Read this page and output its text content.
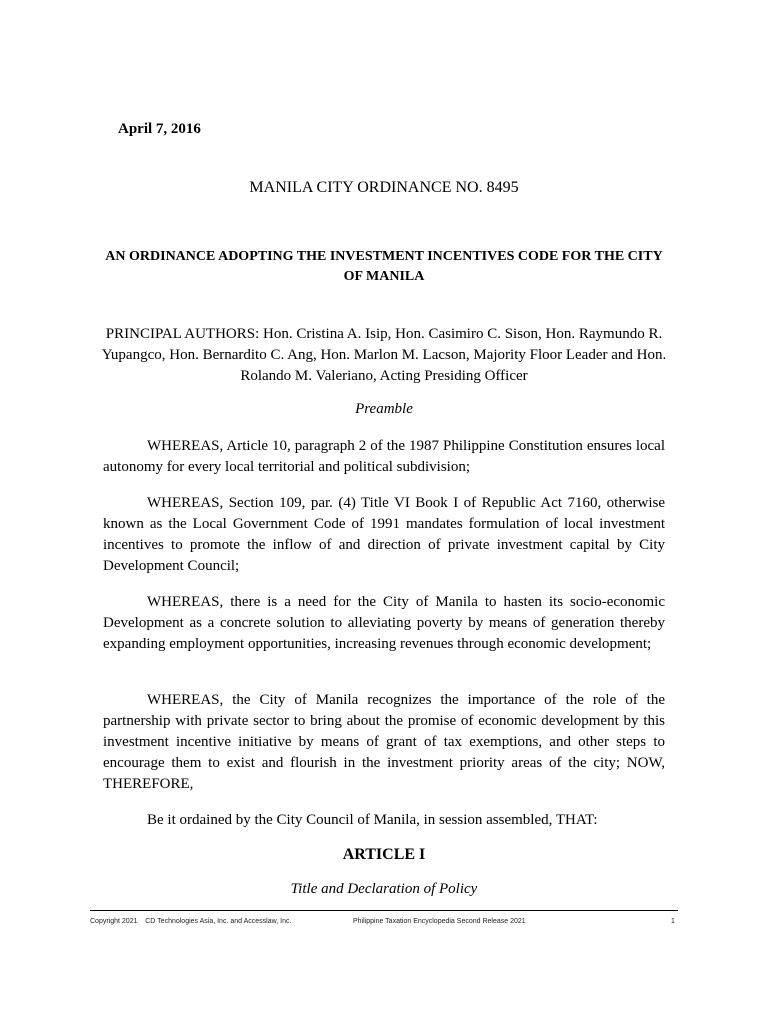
April 7, 2016
MANILA CITY ORDINANCE NO. 8495
AN ORDINANCE ADOPTING THE INVESTMENT INCENTIVES CODE FOR THE CITY OF MANILA
PRINCIPAL AUTHORS: Hon. Cristina A. Isip, Hon. Casimiro C. Sison, Hon. Raymundo R. Yupangco, Hon. Bernardito C. Ang, Hon. Marlon M. Lacson, Majority Floor Leader and Hon. Rolando M. Valeriano, Acting Presiding Officer
Preamble

WHEREAS, Article 10, paragraph 2 of the 1987 Philippine Constitution ensures local autonomy for every local territorial and political subdivision;

WHEREAS, Section 109, par. (4) Title VI Book I of Republic Act 7160, otherwise known as the Local Government Code of 1991 mandates formulation of local investment incentives to promote the inflow of and direction of private investment capital by City Development Council;

WHEREAS, there is a need for the City of Manila to hasten its socio-economic Development as a concrete solution to alleviating poverty by means of generation thereby expanding employment opportunities, increasing revenues through economic development;

WHEREAS, the City of Manila recognizes the importance of the role of the partnership with private sector to bring about the promise of economic development by this investment incentive initiative by means of grant of tax exemptions, and other steps to encourage them to exist and flourish in the investment priority areas of the city; NOW, THEREFORE,

Be it ordained by the City Council of Manila, in session assembled, THAT:

ARTICLE I
Title and Declaration of Policy
Copyright 2021    CD Technologies Asia, Inc. and Accesslaw, Inc.	Philippine Taxation Encyclopedia Second Release 2021	1
